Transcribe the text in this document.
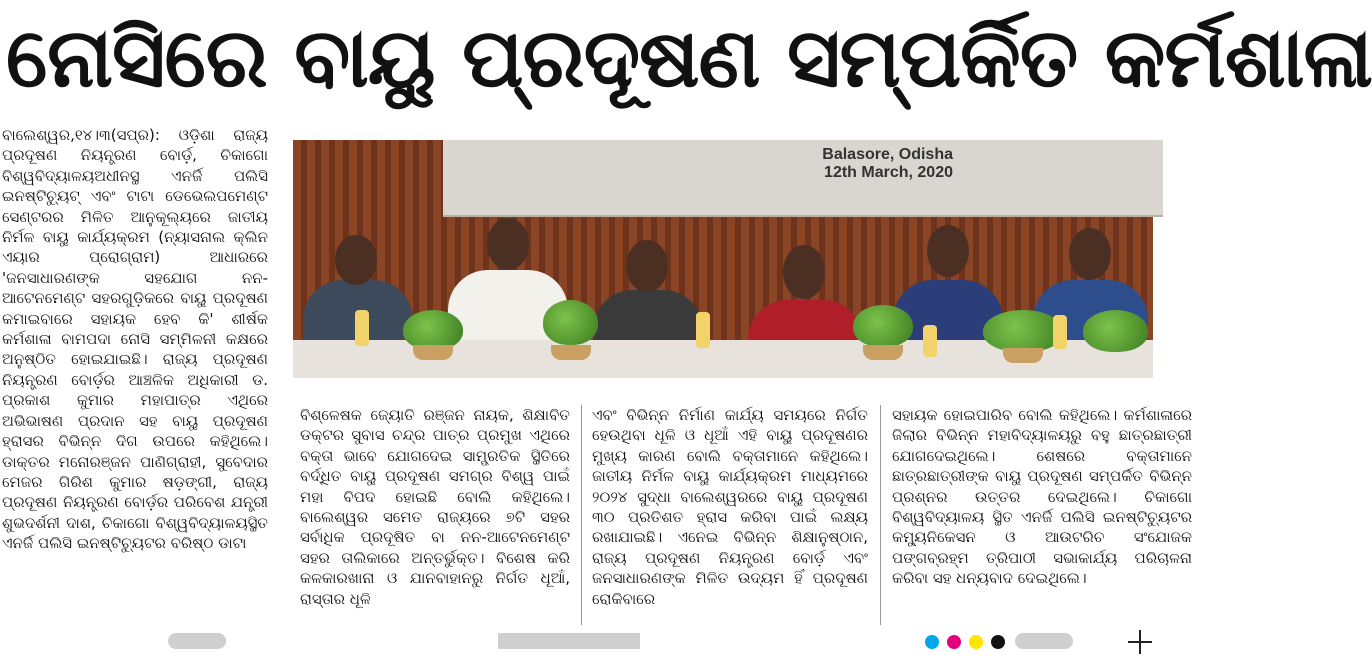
ନୋସିରେ ବାୟୁ ପ୍ରଦୂଷଣ ସମ୍ପର୍କିତ କର୍ମଶାଳା
ବାଲେଶ୍ୱର,୧୪।୩(ସପ୍ର): ଓଡ଼ିଶା ରାଜ୍ୟ ପ୍ରଦୂଷଣ ନିୟନ୍ତ୍ରଣ ବୋର୍ଡ଼, ଚିକାଗୋ ବିଶ୍ୱବିଦ୍ୟାଳୟଅଧୀନସ୍ଥ ଏନର୍ଜି ପଲିସି ଇନଷ୍ଟିଚ୍ୟୁଟ୍ ଏବଂ ଟାଟା ଡେଭେଲପମେଣ୍ଟ ସେଣ୍ଟରର ମିଳିତ ଆନୁକୂଲ୍ୟରେ ଜାତୀୟ ନିର୍ମଳ ବାୟୁ କାର୍ଯ୍ୟକ୍ରମ (ନ୍ୟାସନାଲ କ୍ଲିନ ଏୟାର ପ୍ରୋଗ୍ରାମ) ଆଧାରରେ 'ଜନସାଧାରଣଙ୍କ ସହଯୋଗ ନନ-ଆଟେନମେଣ୍ଟ ସହରଗୁଡ଼ିକରେ ବାୟୁ ପ୍ରଦୂଷଣ କମାଇବାରେ ସହାୟକ ହେବ କି' ଶୀର୍ଷକ କର୍ମଶାଳା ବାମପଦା ନୋସି ସମ୍ମିଳନୀ କକ୍ଷରେ ଅନୁଷ୍ଠିତ ହୋଇଯାଇଛି। ରାଜ୍ୟ ପ୍ରଦୂଷଣ ନିୟନ୍ତ୍ରଣ ବୋର୍ଡ଼ର ଆଞ୍ଚଳିକ ଅଧିକାରୀ ଡ. ପ୍ରକାଶ କୁମାର ମହାପାତ୍ର ଏଥିରେ ଅଭିଭାଷଣ ପ୍ରଦାନ ସହ ବାୟୁ ପ୍ରଦୂଷଣ ହ୍ରାସର ବିଭିନ୍ନ ଦିଗ ଉପରେ କହିଥିଲେ। ଡାକ୍ତର ମନୋରଞ୍ଜନ ପାଣିଗ୍ରାହୀ, ସୁବେଦାର ମେଜର ଗିରିଶ କୁମାର ଷଡ଼ଙ୍ଗୀ, ରାଜ୍ୟ ପ୍ରଦୂଷଣ ନିୟନ୍ତ୍ରଣ ବୋର୍ଡ଼ର ପରିବେଶ ଯନ୍ତ୍ରୀ ଶୁଭଦର୍ଶନୀ ଦାଶ, ଚିକାଗୋ ବିଶ୍ୱବିଦ୍ୟାଳୟସ୍ଥିତ ଏନର୍ଜି ପଲିସି ଇନଷ୍ଟିଚ୍ୟୁଟର ବରିଷ୍ଠ ଡାଟା
Balasore, Odisha
12th March, 2020
ବିଶ୍ଳେଷକ ଜ୍ୟୋତି ରଞ୍ଜନ ନାୟକ, ଶିକ୍ଷାବିତ ଡକ୍ଟର ସୁବାସ ଚନ୍ଦ୍ର ପାତ୍ର ପ୍ରମୁଖ ଏଥିରେ ବକ୍ତା ଭାବେ ଯୋଗଦେଇ ସାମ୍ପ୍ରତିକ ସ୍ଥିତିରେ ବର୍ଦ୍ଧିତ ବାୟୁ ପ୍ରଦୂଷଣ ସମଗ୍ର ବିଶ୍ୱ ପାଇଁ ମହା ବିପଦ ହୋଇଛି ବୋଲି କହିଥିଲେ। ବାଲେଶ୍ୱର ସମେତ ରାଜ୍ୟରେ ୭ଟି ସହର ସର୍ବାଧିକ ପ୍ରଦୂଷିତ ବା ନନ-ଆଟେନମେଣ୍ଟ ସହର ତାଲିକାରେ ଅନ୍ତର୍ଭୁକ୍ତ। ବିଶେଷ କରି କଳକାରଖାନା ଓ ଯାନବାହାନରୁ ନିର୍ଗତ ଧୂଆଁ, ରାସ୍ତାର ଧୂଳି
ଏବଂ ବିଭିନ୍ନ ନିର୍ମାଣ କାର୍ଯ୍ୟ ସମୟରେ ନିର୍ଗତ ହେଉଥିବା ଧୂଳି ଓ ଧୂଆଁ ଏହି ବାୟୁ ପ୍ରଦୂଷଣର ମୁଖ୍ୟ କାରଣ ବୋଲି ବକ୍ତାମାନେ କହିଥିଲେ। ଜାତୀୟ ନିର୍ମଳ ବାୟୁ କାର୍ଯ୍ୟକ୍ରମ ମାଧ୍ୟମରେ ୨୦୨୪ ସୁଦ୍ଧା ବାଲେଶ୍ୱରରେ ବାୟୁ ପ୍ରଦୂଷଣ ୩୦ ପ୍ରତିଶତ ହ୍ରାସ କରିବା ପାଇଁ ଲକ୍ଷ୍ୟ ରଖାଯାଇଛି। ଏନେଇ ବିଭିନ୍ନ ଶିକ୍ଷାନୁଷ୍ଠାନ, ରାଜ୍ୟ ପ୍ରଦୂଷଣ ନିୟନ୍ତ୍ରଣ ବୋର୍ଡ଼ ଏବଂ ଜନସାଧାରଣଙ୍କ ମିଳିତ ଉଦ୍ୟମ ହିଁ ପ୍ରଦୂଷଣ ରୋକିବାରେ
ସହାୟକ ହୋଇପାରିବ ବୋଲି କହିଥିଲେ। କର୍ମଶାଳାରେ ଜିଲାର ବିଭିନ୍ନ ମହାବିଦ୍ୟାଳୟରୁ ବହୁ ଛାତ୍ରଛାତ୍ରୀ ଯୋଗଦେଇଥିଲେ। ଶେଷରେ ବକ୍ତାମାନେ ଛାତ୍ରଛାତ୍ରୀଙ୍କ ବାୟୁ ପ୍ରଦୂଷଣ ସମ୍ପର୍କିତ ବିଭିନ୍ନ ପ୍ରଶ୍ନର ଉତ୍ତର ଦେଇଥିଲେ। ଚିକାଗୋ ବିଶ୍ୱବିଦ୍ୟାଳୟ ସ୍ଥିତ ଏନର୍ଜି ପଲିସି ଇନଷ୍ଟିଚ୍ୟୁଟର କମ୍ୟୁନିକେସନ ଓ ଆଉଟରିଚ ସଂଯୋଜକ ପଙ୍ଗବ୍ରହ୍ମ ତ୍ରିପାଠୀ ସଭାକାର୍ଯ୍ୟ ପରିଚାଳନା କରିବା ସହ ଧନ୍ୟବାଦ ଦେଇଥିଲେ।
